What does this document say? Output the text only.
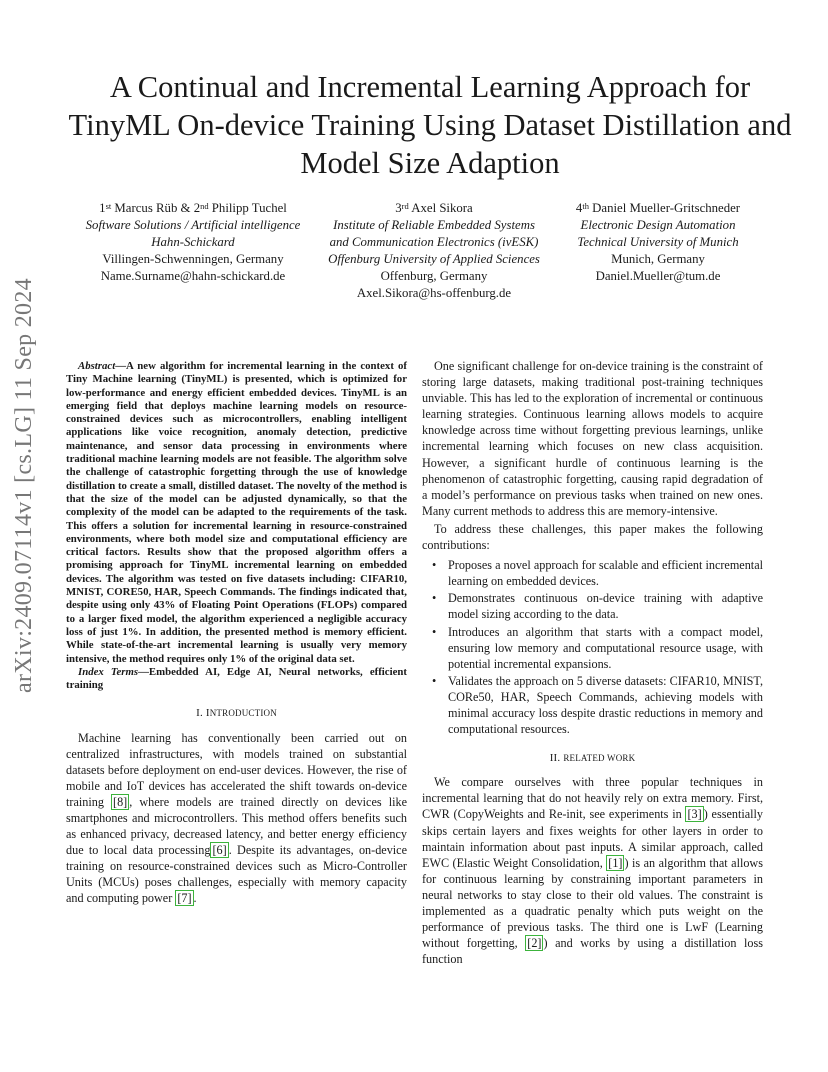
arXiv:2409.07114v1 [cs.LG] 11 Sep 2024
A Continual and Incremental Learning Approach for TinyML On-device Training Using Dataset Distillation and Model Size Adaption
1st Marcus Rüb & 2nd Philipp Tuchel
Software Solutions / Artificial intelligence
Hahn-Schickard
Villingen-Schwenningen, Germany
Name.Surname@hahn-schickard.de
3rd Axel Sikora
Institute of Reliable Embedded Systems
and Communication Electronics (ivESK)
Offenburg University of Applied Sciences
Offenburg, Germany
Axel.Sikora@hs-offenburg.de
4th Daniel Mueller-Gritschneder
Electronic Design Automation
Technical University of Munich
Munich, Germany
Daniel.Mueller@tum.de

Abstract—A new algorithm for incremental learning in the context of Tiny Machine learning (TinyML) is presented, which is optimized for low-performance and energy efficient embedded devices. TinyML is an emerging field that deploys machine learning models on resource-constrained devices such as microcontrollers, enabling intelligent applications like voice recognition, anomaly detection, predictive maintenance, and sensor data processing in environments where traditional machine learning models are not feasible. The algorithm solve the challenge of catastrophic forgetting through the use of knowledge distillation to create a small, distilled dataset. The novelty of the method is that the size of the model can be adjusted dynamically, so that the complexity of the model can be adapted to the requirements of the task. This offers a solution for incremental learning in resource-constrained environments, where both model size and computational efficiency are critical factors. Results show that the proposed algorithm offers a promising approach for TinyML incremental learning on embedded devices. The algorithm was tested on five datasets including: CIFAR10, MNIST, CORE50, HAR, Speech Commands. The findings indicated that, despite using only 43% of Floating Point Operations (FLOPs) compared to a larger fixed model, the algorithm experienced a negligible accuracy loss of just 1%. In addition, the presented method is memory efficient. While state-of-the-art incremental learning is usually very memory intensive, the method requires only 1% of the original data set.

Index Terms—Embedded AI, Edge AI, Neural networks, efficient training

I. INTRODUCTION

Machine learning has conventionally been carried out on centralized infrastructures, with models trained on substantial datasets before deployment on end-user devices. However, the rise of mobile and IoT devices has accelerated the shift towards on-device training [8] , where models are trained directly on devices like smartphones and microcontrollers. This method offers benefits such as enhanced privacy, decreased latency, and better energy efficiency due to local data processing [6] . Despite its advantages, on-device training on resource-constrained devices such as Micro-Controller Units (MCUs) poses challenges, especially with memory capacity and computing power [7] .

One significant challenge for on-device training is the constraint of storing large datasets, making traditional post-training techniques unviable. This has led to the exploration of incremental or continuous learning strategies. Continuous learning allows models to acquire knowledge across time without forgetting previous learnings, unlike incremental learning which focuses on new class acquisition. However, a significant hurdle of continuous learning is the phenomenon of catastrophic forgetting, causing rapid degradation of a model’s performance on previous tasks when trained on new ones. Many current methods to address this are memory-intensive.

To address these challenges, this paper makes the following contributions:

• Proposes a novel approach for scalable and efficient incremental learning on embedded devices.
• Demonstrates continuous on-device training with adaptive model sizing according to the data.
• Introduces an algorithm that starts with a compact model, ensuring low memory and computational resource usage, with potential incremental expansions.
• Validates the approach on 5 diverse datasets: CIFAR10, MNIST, CORe50, HAR, Speech Commands, achieving models with minimal accuracy loss despite drastic reductions in memory and computational resources.
II. RELATED WORK

We compare ourselves with three popular techniques in incremental learning that do not heavily rely on extra memory. First, CWR (CopyWeights and Re-init, see experiments in [3] ) essentially skips certain layers and fixes weights for other layers in order to maintain information about past inputs. A similar approach, called EWC (Elastic Weight Consolidation, [1] ) is an algorithm that allows for continuous learning by constraining important parameters in neural networks to stay close to their old values. The constraint is implemented as a quadratic penalty which puts weight on the performance of previous tasks. The third one is LwF (Learning without forgetting, [2] ) and works by using a distillation loss function
